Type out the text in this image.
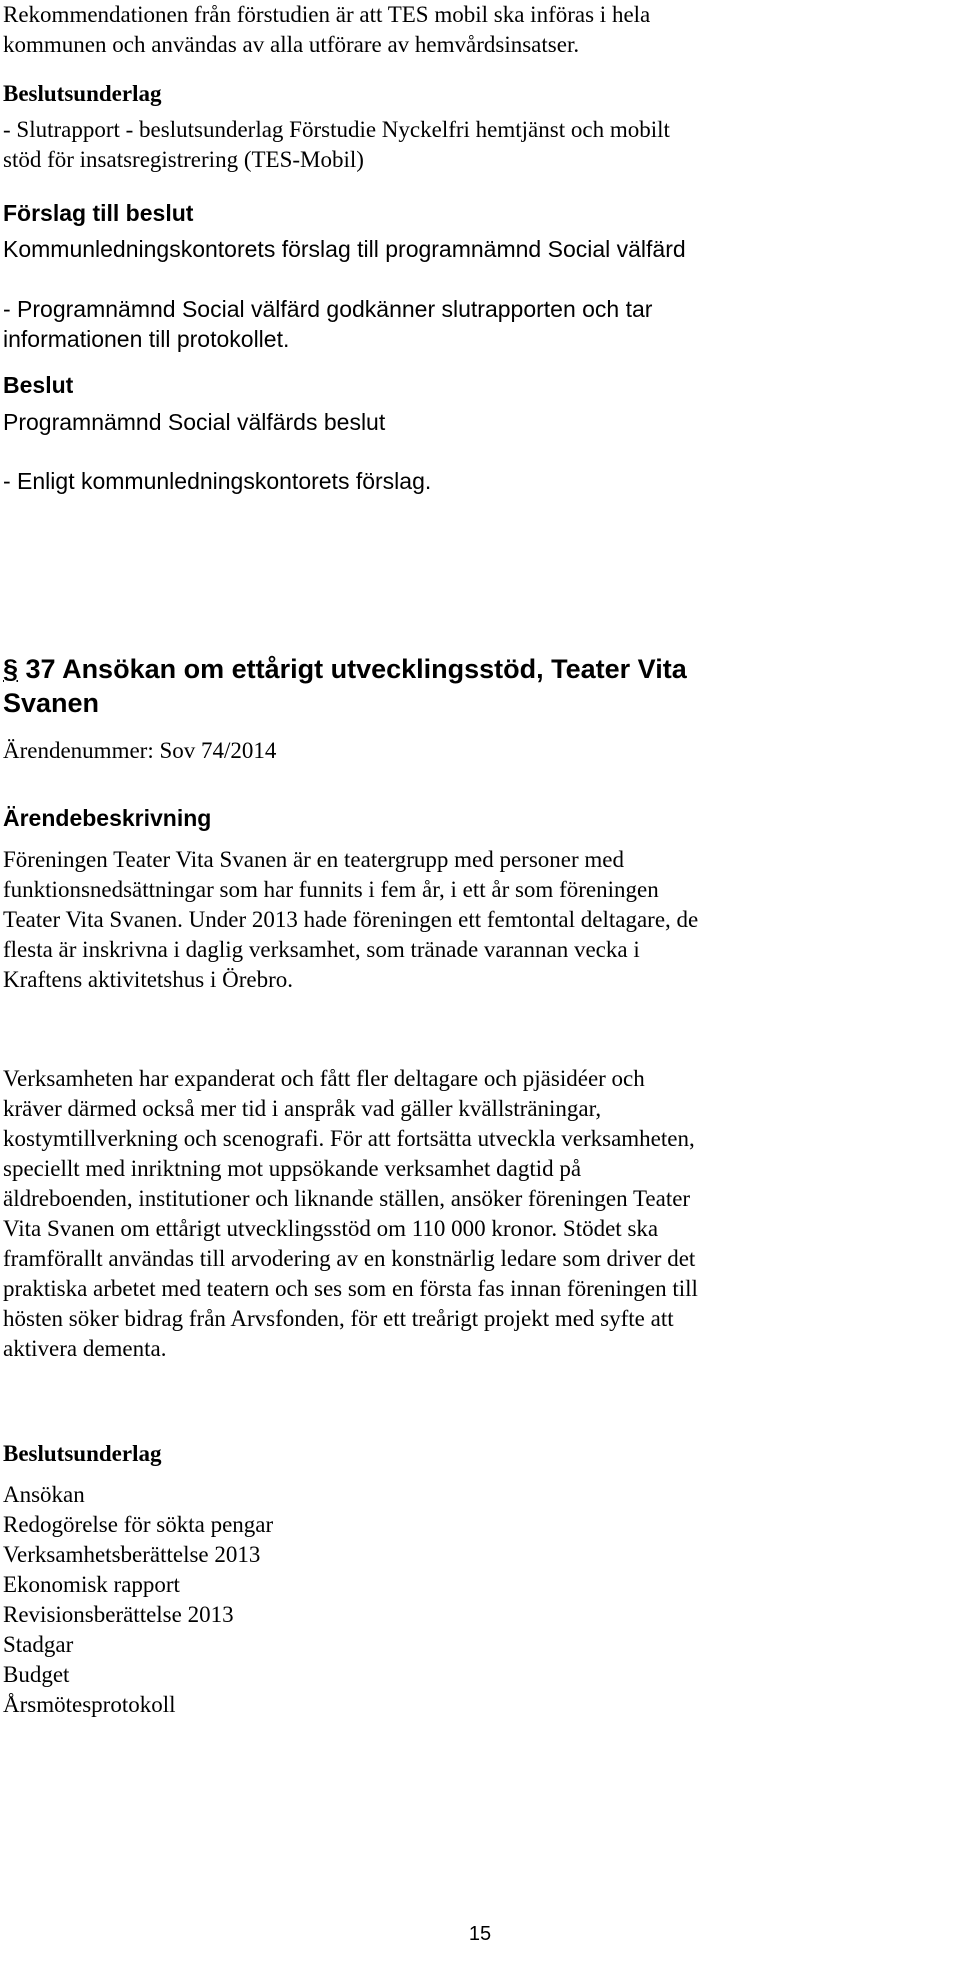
Rekommendationen från förstudien är att TES mobil ska införas i hela
kommunen och användas av alla utförare av hemvårdsinsatser.
Beslutsunderlag
- Slutrapport - beslutsunderlag Förstudie Nyckelfri hemtjänst och mobilt
stöd för insatsregistrering (TES-Mobil)
Förslag till beslut
Kommunledningskontorets förslag till programnämnd Social välfärd
- Programnämnd Social välfärd godkänner slutrapporten och tar
informationen till protokollet.
Beslut
Programnämnd Social välfärds beslut
- Enligt kommunledningskontorets förslag.
§ 37 Ansökan om ettårigt utvecklingsstöd, Teater Vita
Svanen
Ärendenummer: Sov 74/2014
Ärendebeskrivning
Föreningen Teater Vita Svanen är en teatergrupp med personer med
funktionsnedsättningar som har funnits i fem år, i ett år som föreningen
Teater Vita Svanen. Under 2013 hade föreningen ett femtontal deltagare, de
flesta är inskrivna i daglig verksamhet, som tränade varannan vecka i
Kraftens aktivitetshus i Örebro.
Verksamheten har expanderat och fått fler deltagare och pjäsidéer och
kräver därmed också mer tid i anspråk vad gäller kvällsträningar,
kostymtillverkning och scenografi. För att fortsätta utveckla verksamheten,
speciellt med inriktning mot uppsökande verksamhet dagtid på
äldreboenden, institutioner och liknande ställen, ansöker föreningen Teater
Vita Svanen om ettårigt utvecklingsstöd om 110 000 kronor. Stödet ska
framförallt användas till arvodering av en konstnärlig ledare som driver det
praktiska arbetet med teatern och ses som en första fas innan föreningen till
hösten söker bidrag från Arvsfonden, för ett treårigt projekt med syfte att
aktivera dementa.
Beslutsunderlag
Ansökan
Redogörelse för sökta pengar
Verksamhetsberättelse 2013
Ekonomisk rapport
Revisionsberättelse 2013
Stadgar
Budget
Årsmötesprotokoll
15
